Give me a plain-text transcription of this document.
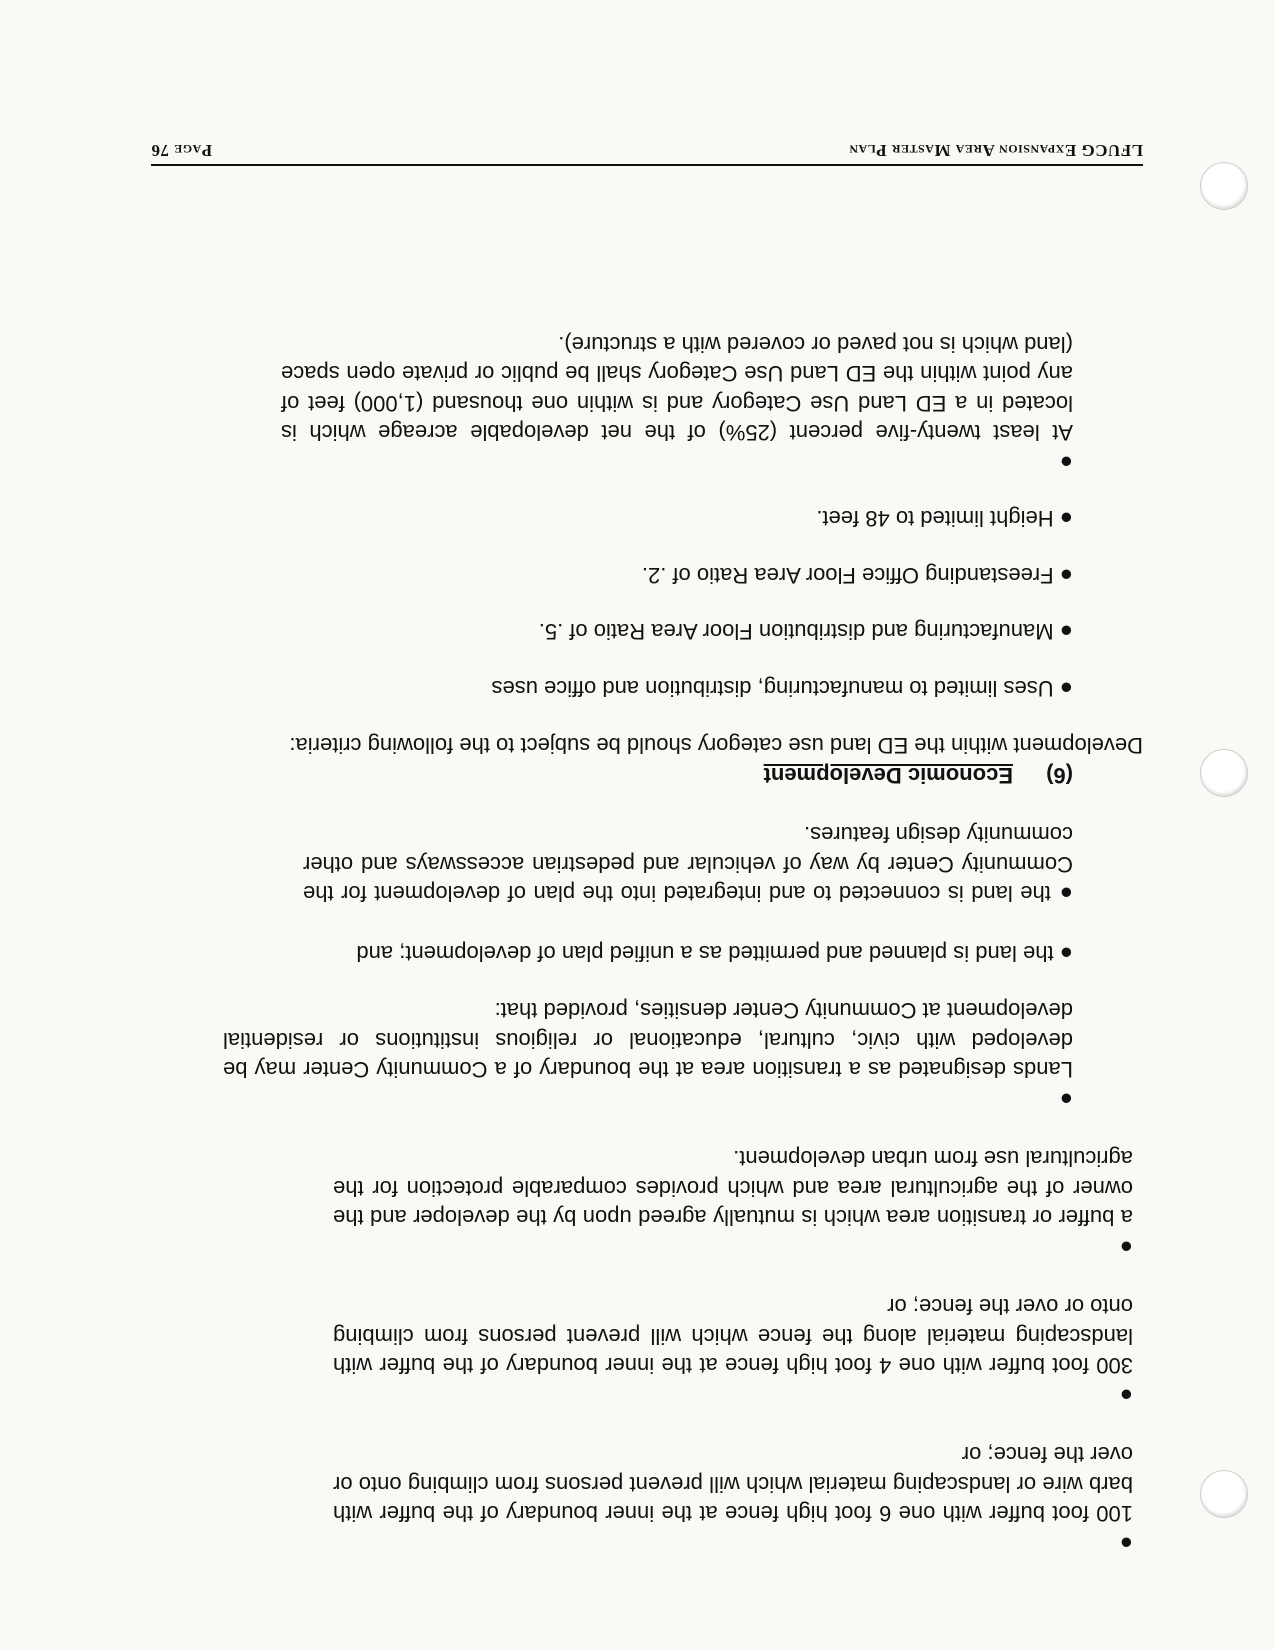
●
100 foot buffer with one 6 foot high fence at the inner boundary of the buffer with barb wire or landscaping material which will prevent persons from climbing onto or over the fence; or
●
300 foot buffer with one 4 foot high fence at the inner boundary of the buffer with landscaping material along the fence which will prevent persons from climbing onto or over the fence; or
●
a buffer or transition area which is mutually agreed upon by the developer and the owner of the agricultural area and which provides comparable protection for the agricultural use from urban development.
●
Lands designated as a transition area at the boundary of a Community Center may be developed with civic, cultural, educational or religious institutions or residential development at Community Center densities, provided that:
● the land is planned and permitted as a unified plan of development; and
● the land is connected to and integrated into the plan of development for the Community Center by way of vehicular and pedestrian accessways and other community design features.
(6)
Economic Development
Development within the ED land use category should be subject to the following criteria:
● Uses limited to manufacturing, distribution and office uses
● Manufacturing and distribution Floor Area Ratio of .5.
● Freestanding Office Floor Area Ratio of .2.
● Height limited to 48 feet.
●
At least twenty-five percent (25%) of the net developable acreage which is located in a ED Land Use Category and is within one thousand (1,000) feet of any point within the ED Land Use Category shall be public or private open space (land which is not paved or covered with a structure).
LFUCG Expansion Area Master Plan
Page 76
